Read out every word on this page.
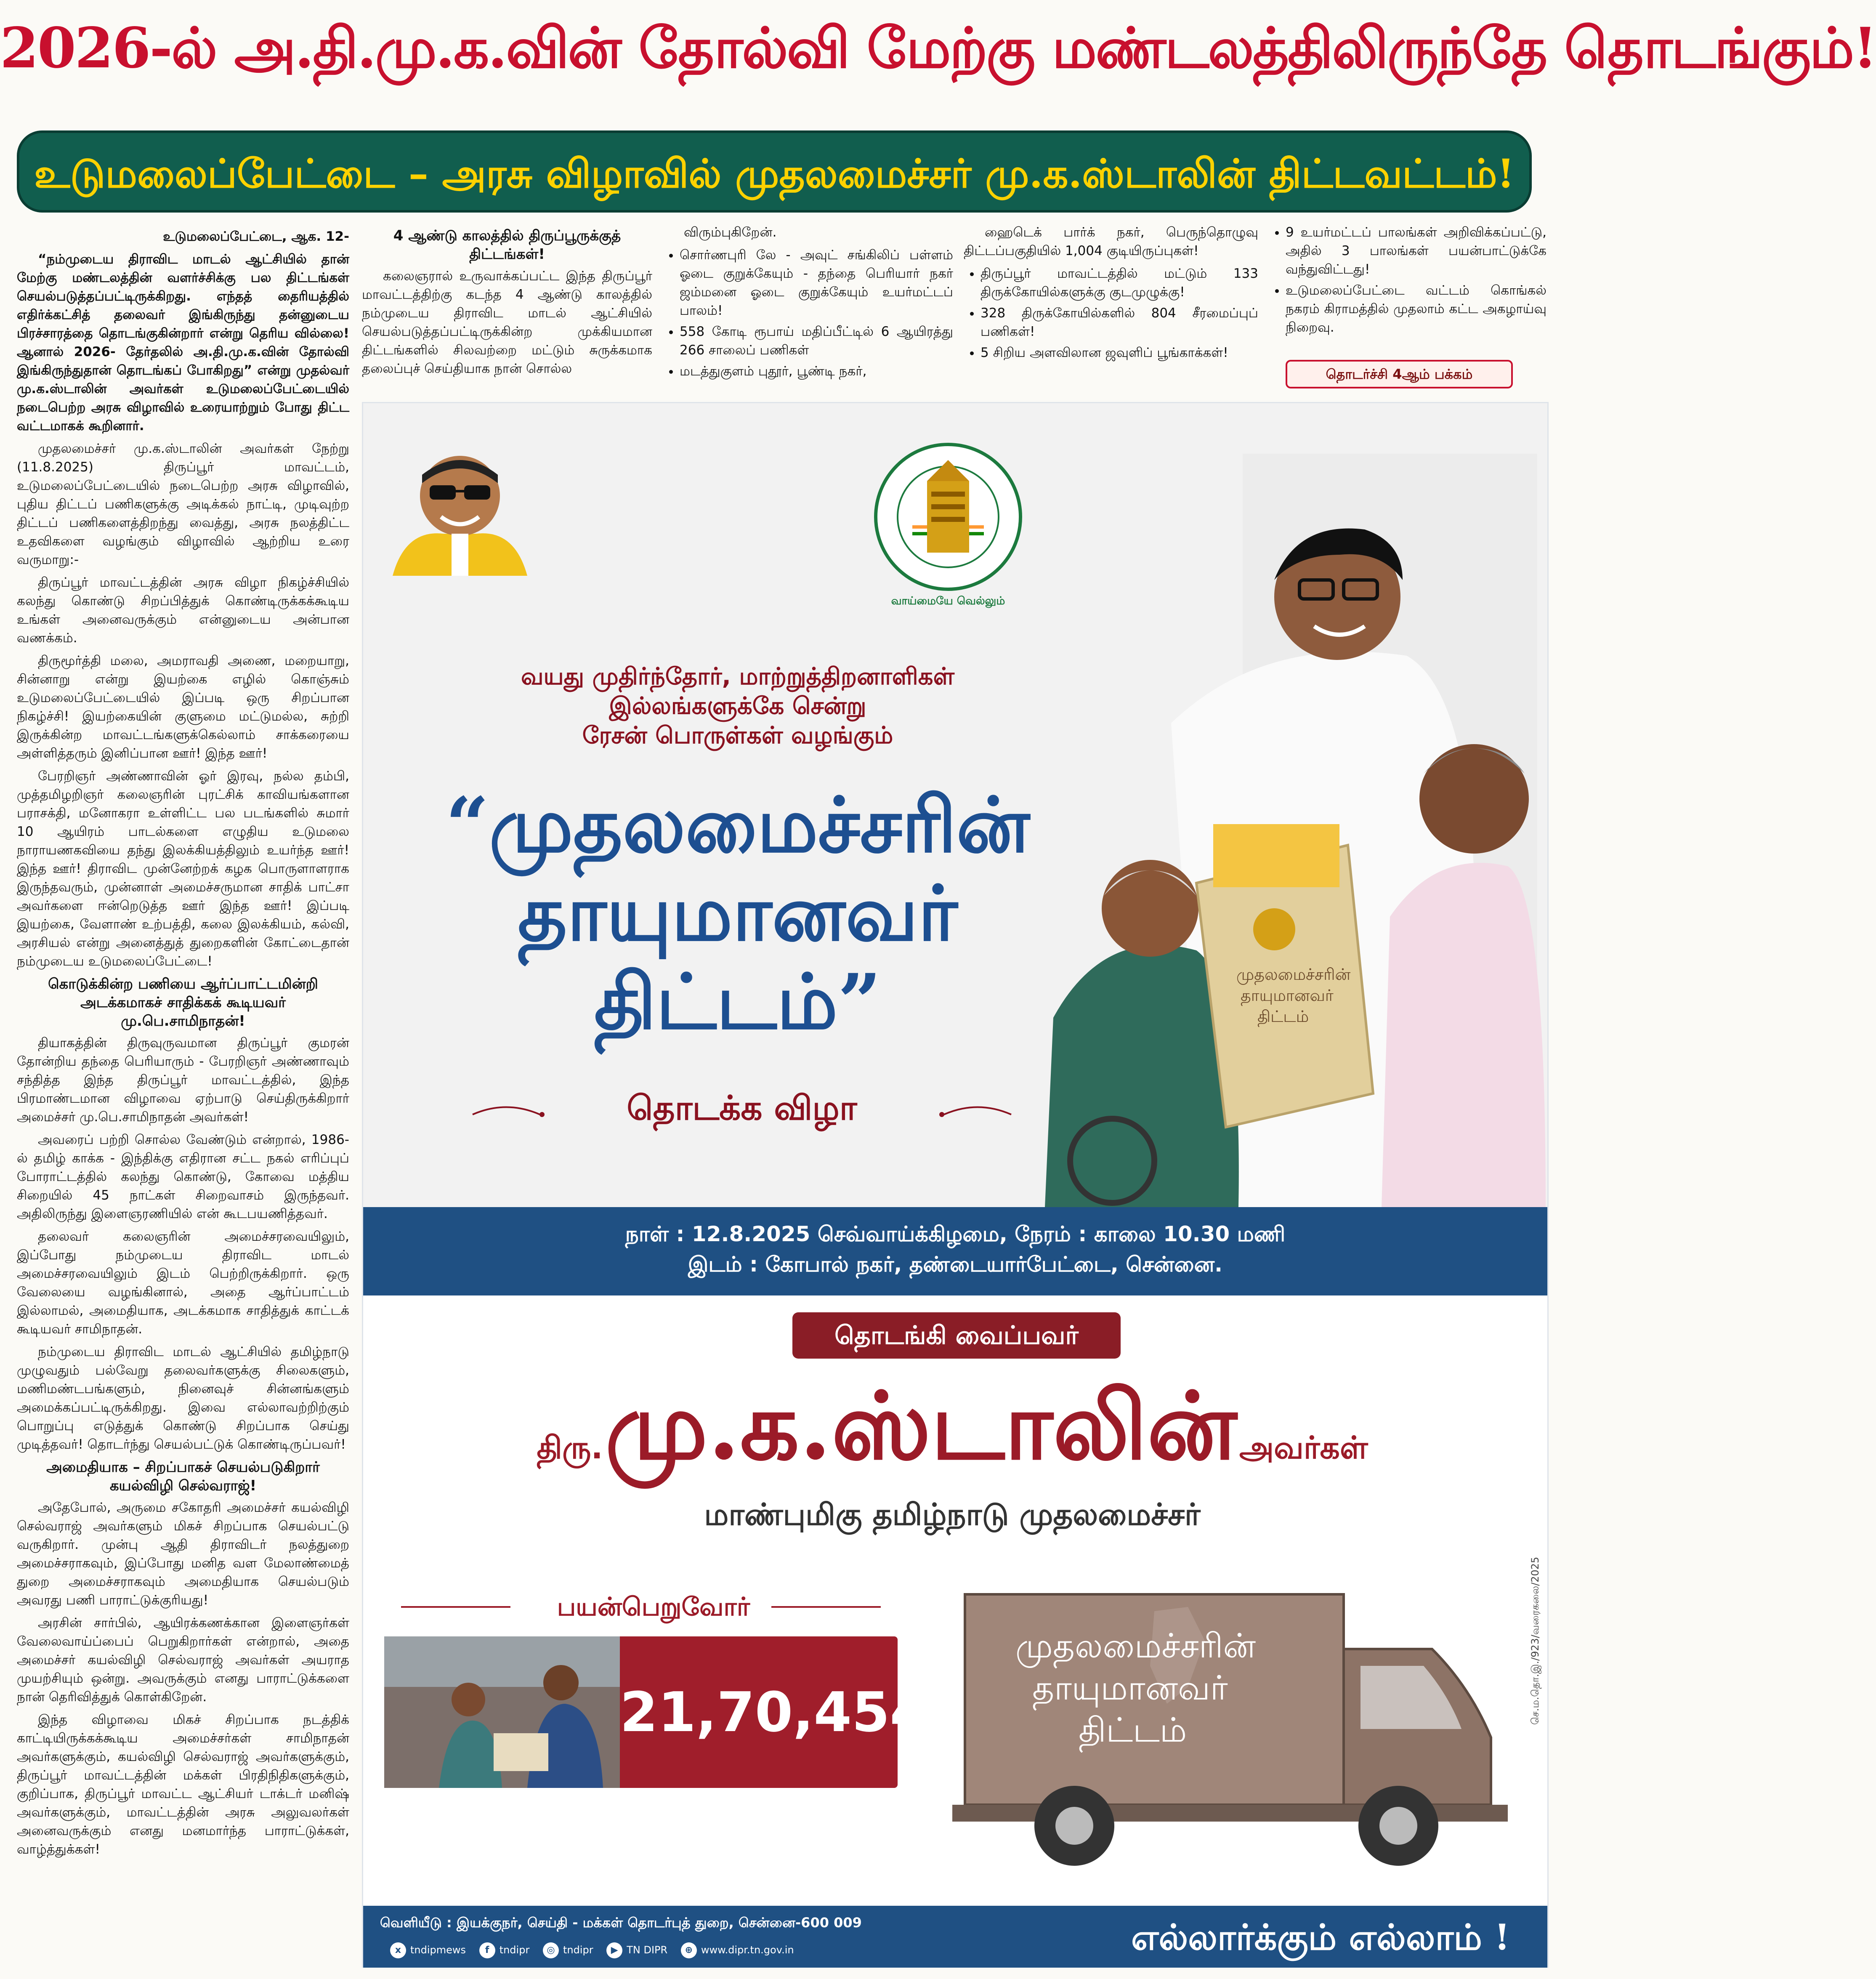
2026-ல் அ.தி.மு.க.வின் தோல்வி மேற்கு மண்டலத்திலிருந்தே தொடங்கும்!
உடுமலைப்பேட்டை – அரசு விழாவில் முதலமைச்சர் மு.க.ஸ்டாலின் திட்டவட்டம்!

உடுமலைப்பேட்டை, ஆக. 12-

“நம்முடைய திராவிட மாடல் ஆட்சியில் தான் மேற்கு மண்டலத்தின் வளர்ச்சிக்கு பல திட்டங்கள் செயல்படுத்தப்பட்டிருக்கிறது. எந்தத் தைரியத்தில் எதிர்க்கட்சித் தலைவர் இங்கிருந்து தன்னுடைய பிரச்சாரத்தை தொடங்குகின்றார் என்று தெரிய வில்லை! ஆனால் 2026- தேர்தலில் அ.தி.மு.க.வின் தோல்வி இங்கிருந்துதான் தொடங்கப் போகிறது” என்று முதல்வர் மு.க.ஸ்டாலின் அவர்கள் உடுமலைப்பேட்டையில் நடைபெற்ற அரசு விழாவில் உரையாற்றும் போது திட்ட வட்டமாகக் கூறினார்.

முதலமைச்சர் மு.க.ஸ்டாலின் அவர்கள் நேற்று (11.8.2025) திருப்பூர் மாவட்டம், உடுமலைப்பேட்டையில் நடைபெற்ற அரசு விழாவில், புதிய திட்டப் பணிகளுக்கு அடிக்கல் நாட்டி, முடிவுற்ற திட்டப் பணிகளைத்திறந்து வைத்து, அரசு நலத்திட்ட உதவிகளை வழங்கும் விழாவில் ஆற்றிய உரை வருமாறு:-

திருப்பூர் மாவட்டத்தின் அரசு விழா நிகழ்ச்சியில் கலந்து கொண்டு சிறப்பித்துக் கொண்டிருக்கக்கூடிய உங்கள் அனைவருக்கும் என்னுடைய அன்பான வணக்கம்.

திருமூர்த்தி மலை, அமராவதி அணை, மறையாறு, சின்னாறு என்று இயற்கை எழில் கொஞ்சும் உடுமலைப்பேட்டையில் இப்படி ஒரு சிறப்பான நிகழ்ச்சி! இயற்கையின் குளுமை மட்டுமல்ல, சுற்றி இருக்கின்ற மாவட்டங்களுக்கெல்லாம் சாக்கரையை அள்ளித்தரும் இனிப்பான ஊர்! இந்த ஊர்!

பேரறிஞர் அண்ணாவின் ஓர் இரவு, நல்ல தம்பி, முத்தமிழறிஞர் கலைஞரின் புரட்சிக் காவியங்களான பராசக்தி, மனோகரா உள்ளிட்ட பல படங்களில் சுமார் 10 ஆயிரம் பாடல்களை எழுதிய உடுமலை நாராயணகவியை தந்து இலக்கியத்திலும் உயர்ந்த ஊர்! இந்த ஊர்! திராவிட முன்னேற்றக் கழக பொருளாளராக இருந்தவரும், முன்னாள் அமைச்சருமான சாதிக் பாட்சா அவர்களை ஈன்றெடுத்த ஊர் இந்த ஊர்! இப்படி இயற்கை, வேளாண் உற்பத்தி, கலை இலக்கியம், கல்வி, அரசியல் என்று அனைத்துத் துறைகளின் கோட்டைதான் நம்முடைய உடுமலைப்பேட்டை!

கொடுக்கின்ற பணியை ஆர்ப்பாட்டமின்றி அடக்கமாகச் சாதிக்கக் கூடியவர் மு.பெ.சாமிநாதன்!

தியாகத்தின் திருவுருவமான திருப்பூர் குமரன் தோன்றிய தந்தை பெரியாரும் - பேரறிஞர் அண்ணாவும் சந்தித்த இந்த திருப்பூர் மாவட்டத்தில், இந்த பிரமாண்டமான விழாவை ஏற்பாடு செய்திருக்கிறார் அமைச்சர் மு.பெ.சாமிநாதன் அவர்கள்!

அவரைப் பற்றி சொல்ல வேண்டும் என்றால், 1986-ல் தமிழ் காக்க - இந்திக்கு எதிரான சட்ட நகல் எரிப்புப் போராட்டத்தில் கலந்து கொண்டு, கோவை மத்திய சிறையில் 45 நாட்கள் சிறைவாசம் இருந்தவர். அதிலிருந்து இளைஞரணியில் என் கூடபயணித்தவர்.

தலைவர் கலைஞரின் அமைச்சரவையிலும், இப்போது நம்முடைய திராவிட மாடல் அமைச்சரவையிலும் இடம் பெற்றிருக்கிறார். ஒரு வேலையை வழங்கினால், அதை ஆர்ப்பாட்டம் இல்லாமல், அமைதியாக, அடக்கமாக சாதித்துக் காட்டக் கூடியவர் சாமிநாதன்.

நம்முடைய திராவிட மாடல் ஆட்சியில் தமிழ்நாடு முழுவதும் பல்வேறு தலைவர்களுக்கு சிலைகளும், மணிமண்டபங்களும், நினைவுச் சின்னங்களும் அமைக்கப்பட்டிருக்கிறது. இவை எல்லாவற்றிற்கும் பொறுப்பு எடுத்துக் கொண்டு சிறப்பாக செய்து முடித்தவர்! தொடர்ந்து செயல்பட்டுக் கொண்டிருப்பவர்!

அமைதியாக – சிறப்பாகச் செயல்படுகிறார் கயல்விழி செல்வராஜ்!

அதேபோல், அருமை சகோதரி அமைச்சர் கயல்விழி செல்வராஜ் அவர்களும் மிகச் சிறப்பாக செயல்பட்டு வருகிறார். முன்பு ஆதி திராவிடர் நலத்துறை அமைச்சராகவும், இப்போது மனித வள மேலாண்மைத் துறை அமைச்சராகவும் அமைதியாக செயல்படும் அவரது பணி பாராட்டுக்குரியது!

அரசின் சார்பில், ஆயிரக்கணக்கான இளைஞர்கள் வேலைவாய்ப்பைப் பெறுகிறார்கள் என்றால், அதை அமைச்சர் கயல்விழி செல்வராஜ் அவர்கள் அயராத முயற்சியும் ஒன்று. அவருக்கும் எனது பாராட்டுக்களை நான் தெரிவித்துக் கொள்கிறேன்.

இந்த விழாவை மிகச் சிறப்பாக நடத்திக் காட்டியிருக்கக்கூடிய அமைச்சர்கள் சாமிநாதன் அவர்களுக்கும், கயல்விழி செல்வராஜ் அவர்களுக்கும், திருப்பூர் மாவட்டத்தின் மக்கள் பிரதிநிதிகளுக்கும், குறிப்பாக, திருப்பூர் மாவட்ட ஆட்சியர் டாக்டர் மனிஷ் அவர்களுக்கும், மாவட்டத்தின் அரசு அலுவலர்கள் அனைவருக்கும் எனது மனமார்ந்த பாராட்டுக்கள், வாழ்த்துக்கள்!

4 ஆண்டு காலத்தில் திருப்பூருக்குத் திட்டங்கள்!

கலைஞரால் உருவாக்கப்பட்ட இந்த திருப்பூர் மாவட்டத்திற்கு கடந்த 4 ஆண்டு காலத்தில் நம்முடைய திராவிட மாடல் ஆட்சியில் செயல்படுத்தப்பட்டிருக்கின்ற முக்கியமான திட்டங்களில் சிலவற்றை மட்டும் சுருக்கமாக தலைப்புச் செய்தியாக நான் சொல்ல

விரும்புகிறேன்.

• சொர்ணபுரி லே - அவுட் சங்கிலிப் பள்ளம் ஓடை குறுக்கேயும் - தந்தை பெரியார் நகர் ஜம்மனை ஓடை குறுக்கேயும் உயர்மட்டப் பாலம்!
• 558 கோடி ரூபாய் மதிப்பீட்டில் 6 ஆயிரத்து 266 சாலைப் பணிகள்
• மடத்துகுளம் புதூர், பூண்டி நகர்,

ஹைடெக் பார்க் நகர், பெருந்தொழுவு திட்டப்பகுதியில் 1,004 குடியிருப்புகள்!

• திருப்பூர் மாவட்டத்தில் மட்டும் 133 திருக்கோயில்களுக்கு குடமுழுக்கு!
• 328 திருக்கோயில்களில் 804 சீரமைப்புப் பணிகள்!
• 5 சிறிய அளவிலான ஜவுளிப் பூங்காக்கள்!
• 9 உயர்மட்டப் பாலங்கள் அறிவிக்கப்பட்டு, அதில் 3 பாலங்கள் பயன்பாட்டுக்கே வந்துவிட்டது!
• உடுமலைப்பேட்டை வட்டம் கொங்கல் நகரம் கிராமத்தில் முதலாம் கட்ட அகழாய்வு நிறைவு.
தொடர்ச்சி 4ஆம் பக்கம்
வாய்மையே வெல்லும்
வயது முதிர்ந்தோர், மாற்றுத்திறனாளிகள்
இல்லங்களுக்கே சென்று
ரேசன் பொருள்கள் வழங்கும்
“முதலமைச்சரின்
தாயுமானவர்
திட்டம்”
தொடக்க விழா
முதலமைச்சரின்
தாயுமானவர்
திட்டம்
நாள் : 12.8.2025 செவ்வாய்க்கிழமை, நேரம் : காலை 10.30 மணி
இடம் : கோபால் நகர், தண்டையார்பேட்டை, சென்னை.
தொடங்கி வைப்பவர்
திரு. மு.க.ஸ்டாலின் அவர்கள்
மாண்புமிகு தமிழ்நாடு முதலமைச்சர்
பயன்பெறுவோர்
21,70,454
முதலமைச்சரின்
தாயுமானவர்
திட்டம்
செ.ம.தொ.இ./923/வரைகலை/2025
வெளியீடு : இயக்குநர், செய்தி - மக்கள் தொடர்புத் துறை, சென்னை-600 009
x tndipmews f tndipr ◎ tndipr ▶ TN DIPR ⊕ www.dipr.tn.gov.in	எல்லார்க்கும் எல்லாம் !
